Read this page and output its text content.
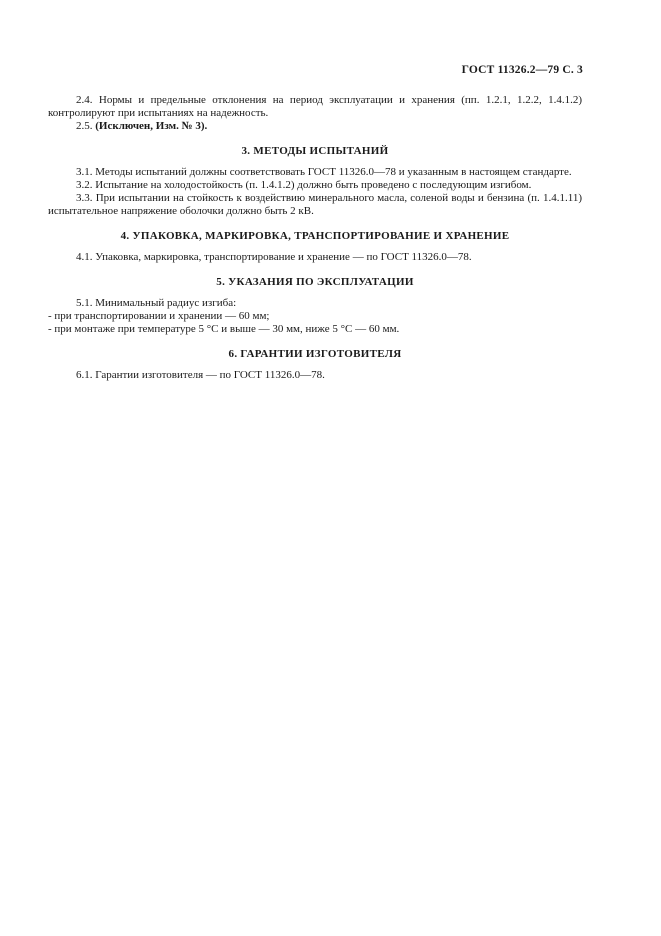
ГОСТ 11326.2—79 С. 3

2.4. Нормы и предельные отклонения на период эксплуатации и хранения (пп. 1.2.1, 1.2.2, 1.4.1.2) контролируют при испытаниях на надежность.

2.5. (Исключен, Изм. № 3).

3. МЕТОДЫ ИСПЫТАНИЙ

3.1. Методы испытаний должны соответствовать ГОСТ 11326.0—78 и указанным в настоящем стандарте.

3.2. Испытание на холодостойкость (п. 1.4.1.2) должно быть проведено с последующим изгибом.

3.3. При испытании на стойкость к воздействию минерального масла, соленой воды и бензина (п. 1.4.1.11) испытательное напряжение оболочки должно быть 2 кВ.

4. УПАКОВКА, МАРКИРОВКА, ТРАНСПОРТИРОВАНИЕ И ХРАНЕНИЕ

4.1. Упаковка, маркировка, транспортирование и хранение — по ГОСТ 11326.0—78.

5. УКАЗАНИЯ ПО ЭКСПЛУАТАЦИИ

5.1. Минимальный радиус изгиба:

- при транспортировании и хранении — 60 мм;

- при монтаже при температуре 5 °С и выше — 30 мм, ниже 5 °С — 60 мм.

6. ГАРАНТИИ ИЗГОТОВИТЕЛЯ

6.1. Гарантии изготовителя — по ГОСТ 11326.0—78.
